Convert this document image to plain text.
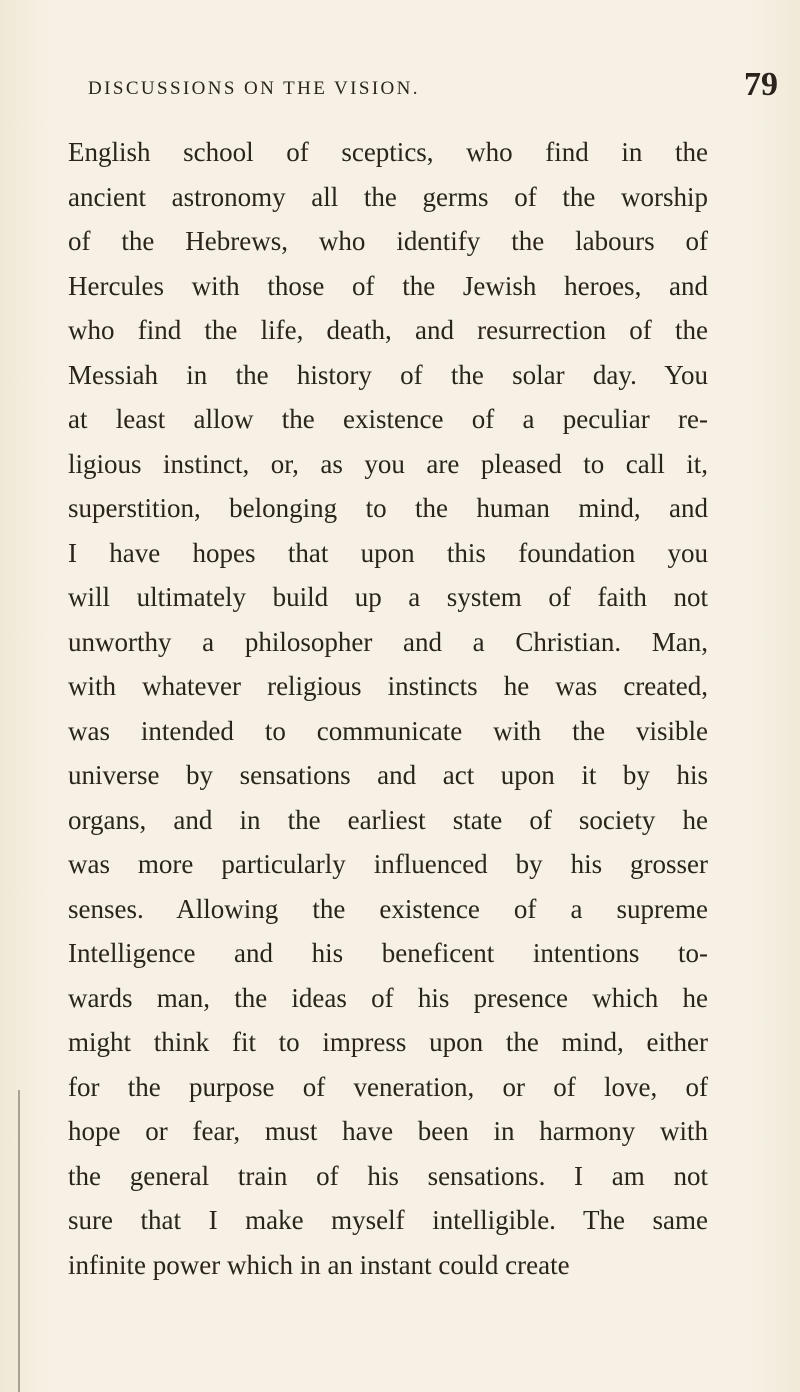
DISCUSSIONS ON THE VISION.	79
English school of sceptics, who find in the
ancient astronomy all the germs of the worship
of the Hebrews, who identify the labours of
Hercules with those of the Jewish heroes, and
who find the life, death, and resurrection of the
Messiah in the history of the solar day. You
at least allow the existence of a peculiar re-
ligious instinct, or, as you are pleased to call it,
superstition, belonging to the human mind, and
I have hopes that upon this foundation you
will ultimately build up a system of faith not
unworthy a philosopher and a Christian. Man,
with whatever religious instincts he was created,
was intended to communicate with the visible
universe by sensations and act upon it by his
organs, and in the earliest state of society he
was more particularly influenced by his grosser
senses. Allowing the existence of a supreme
Intelligence and his beneficent intentions to-
wards man, the ideas of his presence which he
might think fit to impress upon the mind, either
for the purpose of veneration, or of love, of
hope or fear, must have been in harmony with
the general train of his sensations. I am not
sure that I make myself intelligible. The same
infinite power which in an instant could create
